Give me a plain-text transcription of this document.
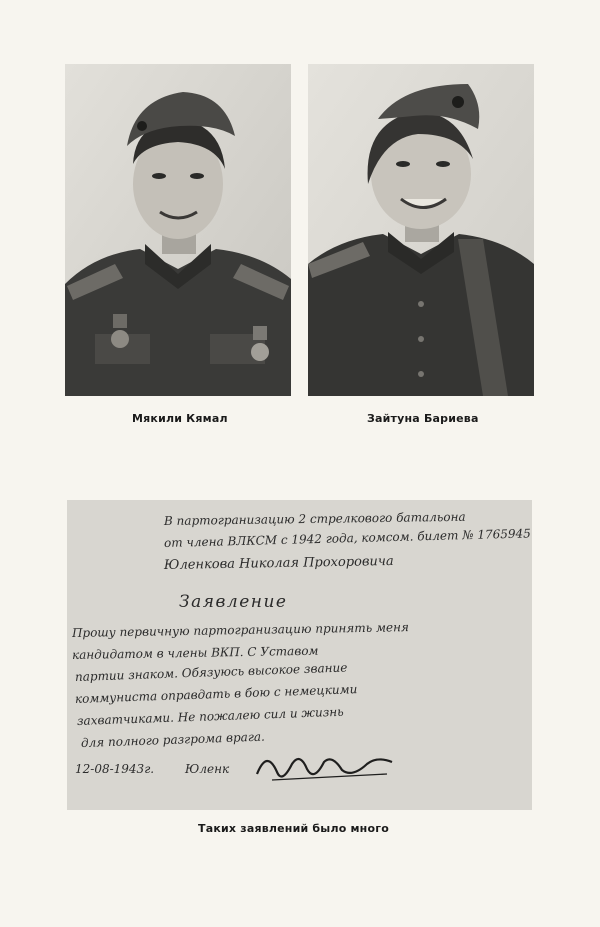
Мякили Кямал	Зайтуна Бариева
В партогранизацию 2 стрелкового батальона
от члена ВЛКСМ с 1942 года, комсом. билет № 1765945
Юленкова Николая Прохоровича
Заявление
Прошу первичную партогранизацию принять меня
кандидатом в члены ВКП. С Уставом
партии знаком. Обязуюсь высокое звание
коммуниста оправдать в бою с немецкими
захватчиками. Не пожалею сил и жизнь
для полного разгрома врага.
12-08-1943г.	Юленк
Таких заявлений было много
